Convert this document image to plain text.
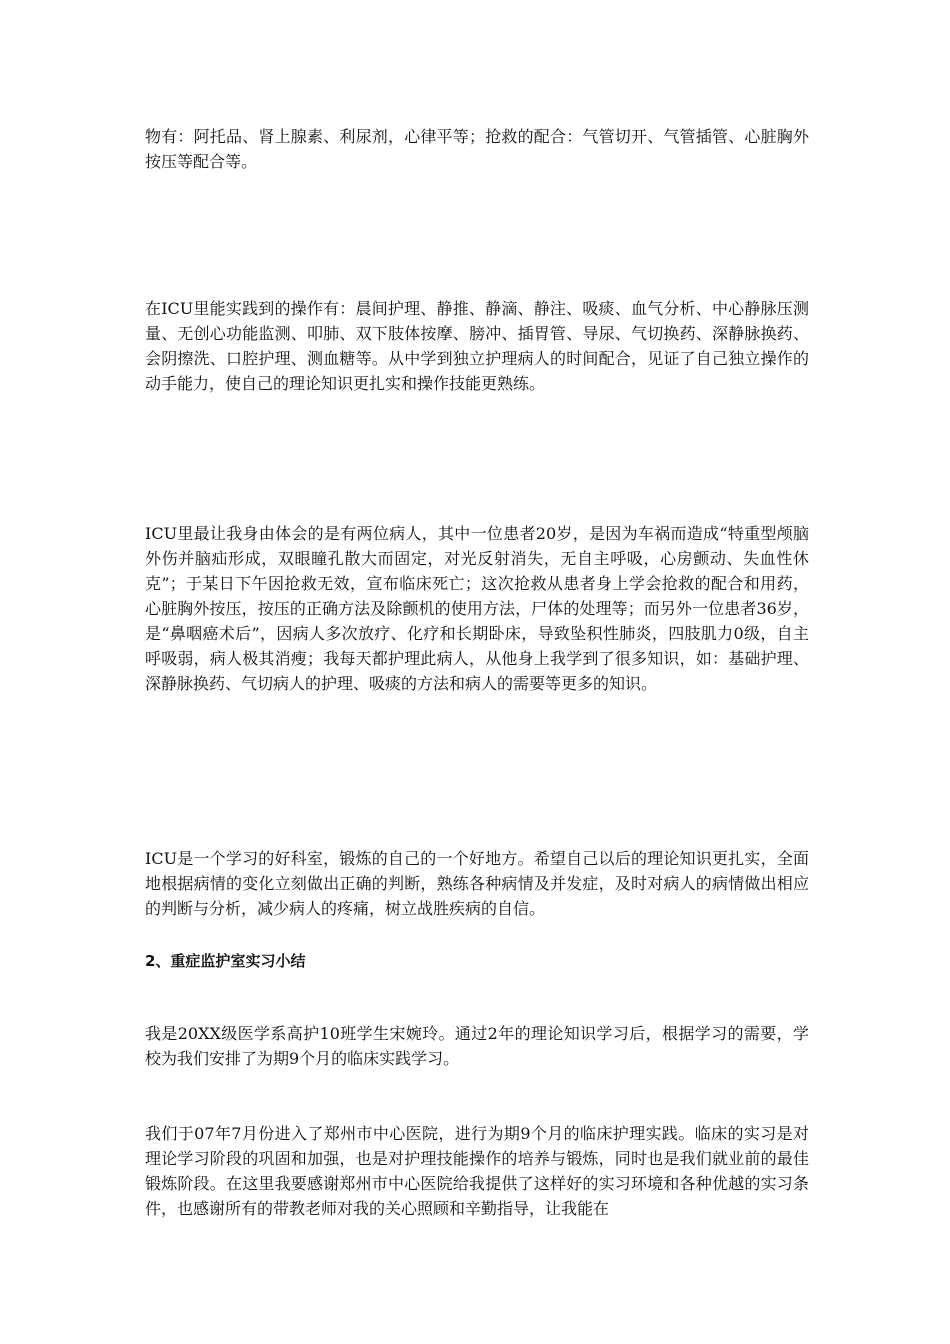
物有：阿托品、肾上腺素、利尿剂，心律平等；抢救的配合：气管切开、气管插管、心脏胸外按压等配合等。

在ICU里能实践到的操作有：晨间护理、静推、静滴、静注、吸痰、血气分析、中心静脉压测量、无创心功能监测、叩肺、双下肢体按摩、膀冲、插胃管、导尿、气切换药、深静脉换药、会阴擦洗、口腔护理、测血糖等。从中学到独立护理病人的时间配合，见证了自己独立操作的动手能力，使自己的理论知识更扎实和操作技能更熟练。

ICU里最让我身由体会的是有两位病人，其中一位患者20岁，是因为车祸而造成“特重型颅脑外伤并脑疝形成，双眼瞳孔散大而固定，对光反射消失，无自主呼吸，心房颤动、失血性休克”；于某日下午因抢救无效，宣布临床死亡；这次抢救从患者身上学会抢救的配合和用药，心脏胸外按压，按压的正确方法及除颤机的使用方法，尸体的处理等；而另外一位患者36岁，是“鼻咽癌术后”，因病人多次放疗、化疗和长期卧床，导致坠积性肺炎，四肢肌力0级，自主呼吸弱，病人极其消瘦；我每天都护理此病人，从他身上我学到了很多知识，如：基础护理、深静脉换药、气切病人的护理、吸痰的方法和病人的需要等更多的知识。

ICU是一个学习的好科室，锻炼的自己的一个好地方。希望自己以后的理论知识更扎实，全面地根据病情的变化立刻做出正确的判断，熟练各种病情及并发症，及时对病人的病情做出相应的判断与分析，减少病人的疼痛，树立战胜疾病的自信。

2、重症监护室实习小结

我是20XX级医学系高护10班学生宋婉玲。通过2年的理论知识学习后，根据学习的需要，学校为我们安排了为期9个月的临床实践学习。

我们于07年7月份进入了郑州市中心医院，进行为期9个月的临床护理实践。临床的实习是对理论学习阶段的巩固和加强，也是对护理技能操作的培养与锻炼，同时也是我们就业前的最佳锻炼阶段。在这里我要感谢郑州市中心医院给我提供了这样好的实习环境和各种优越的实习条件，也感谢所有的带教老师对我的关心照顾和辛勤指导，让我能在
